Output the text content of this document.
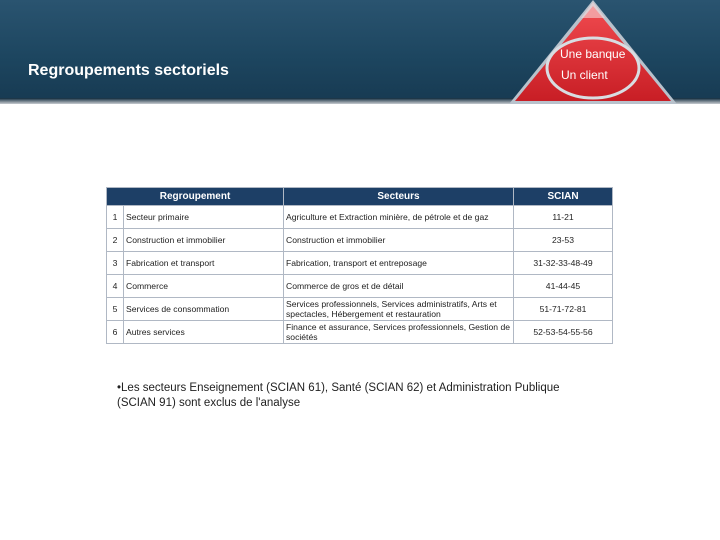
Regroupements sectoriels
Une banque
Un client
Regroupement		Secteurs	SCIAN
1	Secteur primaire	Agriculture et Extraction minière, de pétrole et de gaz	11-21
2	Construction et immobilier	Construction et immobilier	23-53
3	Fabrication et transport	Fabrication, transport et entreposage	31-32-33-48-49
4	Commerce	Commerce de gros et de détail	41-44-45
5	Services de consommation	Services professionnels, Services administratifs, Arts et spectacles, Hébergement et restauration	51-71-72-81
6	Autres services	Finance et assurance, Services professionnels, Gestion de sociétés	52-53-54-55-56
•Les secteurs Enseignement (SCIAN 61), Santé (SCIAN 62) et Administration Publique (SCIAN 91) sont exclus de l'analyse
